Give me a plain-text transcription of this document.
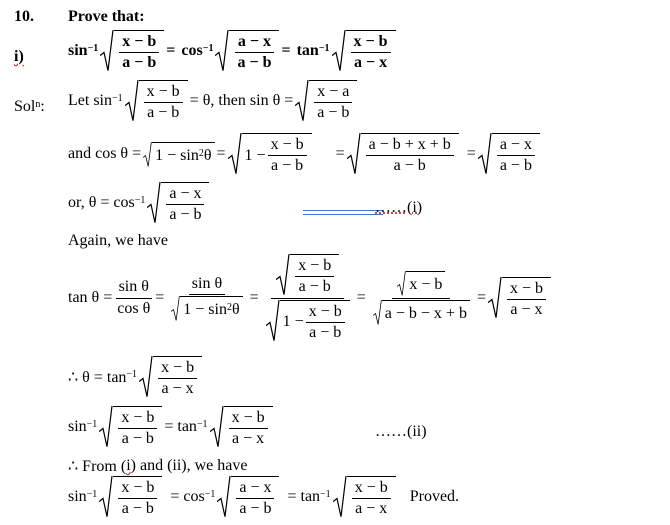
10. Prove that:
i)	$\sin^{-1} \frac{x - b}{a - b} = \cos^{-1} \frac{a - x}{a - b} = \tan^{-1} \frac{x - b}{a - x}$
Sol$^n$ : Let $\sin^{-1} \frac{x - b}{a - b} = \theta$, then $\sin \theta = \frac{x - a}{a - b}$
and $\cos \theta = 1 - \sin^2 \theta = 1 - \frac{x - b}{a - b} = \frac{a - b + x + b}{a - b} = \frac{a - x}{a - b}$
or, $\theta = \cos^{-1} \frac{a - x}{a - b}$	……(i)
Again, we have
$\tan \theta = \frac{\text{sin θ}}{\text{cos θ}} = \frac{\text{sin θ}}{1 - \sin^2 \theta} = \frac{\frac{x - b}{a - b}}{1 - \frac{x - b}{a - b}} = \frac{x - b}{a - b - x + b} = \frac{x - b}{a - x}$
∴ $\theta = \tan^{-1} \frac{x - b}{a - x}$
$\sin^{-1} \frac{x - b}{a - b} = \tan^{-1} \frac{x - b}{a - x}$	……(ii)
∴ From ( i ) and (ii), we have
$\sin^{-1} \frac{x - b}{a - b} = \cos^{-1} \frac{a - x}{a - b} = \tan^{-1} \frac{x - b}{a - x}$ Proved.
